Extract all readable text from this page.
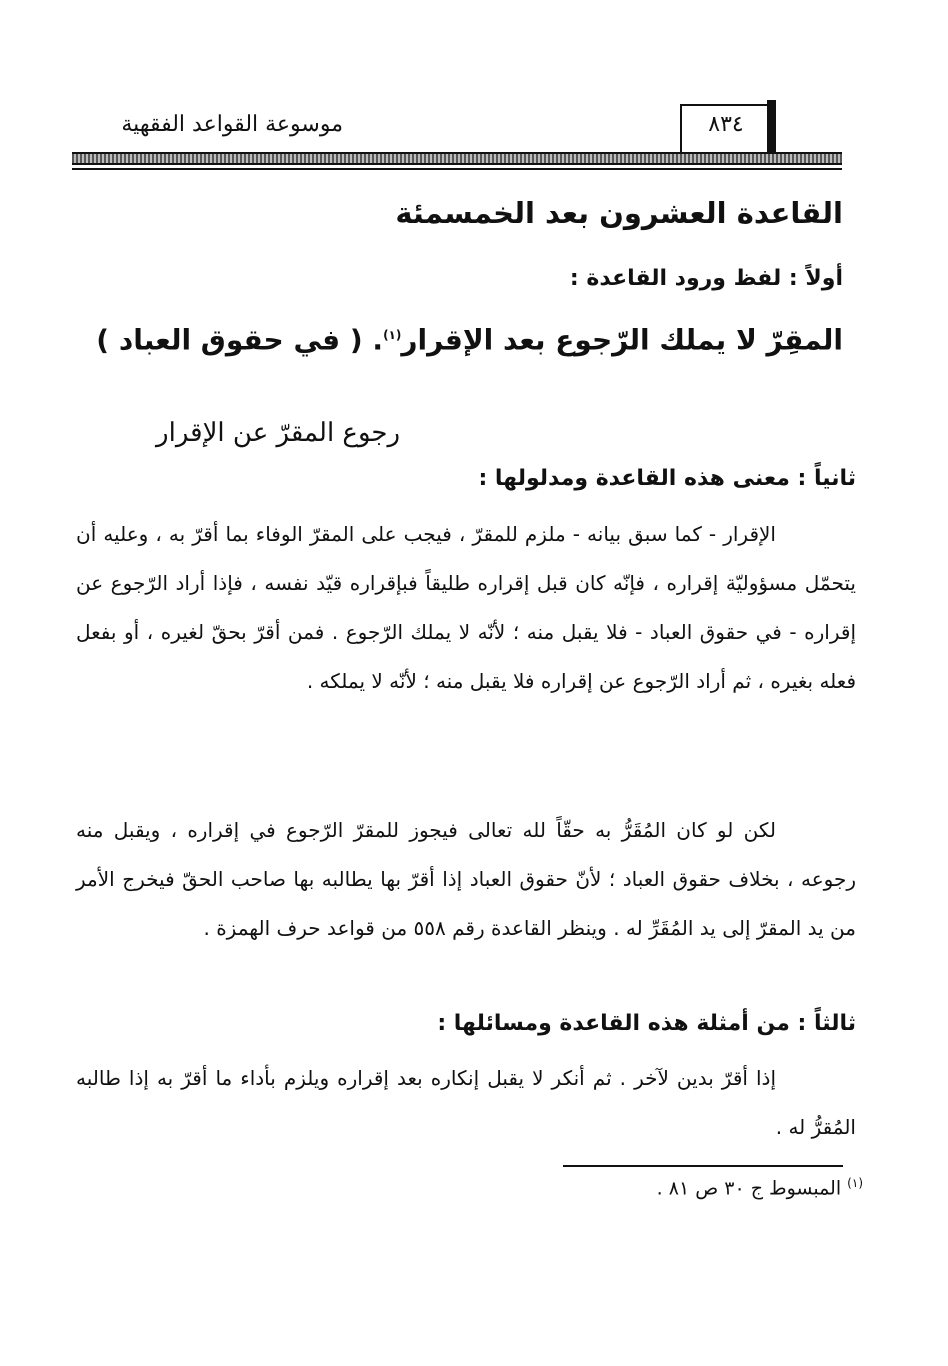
موسوعة القواعد الفقهية	٨٣٤
القاعدة العشرون بعد الخمسمئة
أولاً : لفظ ورود القاعدة :
المقِرّ لا يملك الرّجوع بعد الإقرار$^{(١)}$. ( في حقوق العباد )
رجوع المقرّ عن الإقرار
ثانياً : معنى هذه القاعدة ومدلولها :
الإقرار - كما سبق بيانه - ملزم للمقرّ ، فيجب على المقرّ الوفاء بما أقرّ به ، وعليه أن يتحمّل مسؤوليّة إقراره ، فإنّه كان قبل إقراره طليقاً فبإقراره قيّد نفسه ، فإذا أراد الرّجوع عن إقراره - في حقوق العباد - فلا يقبل منه ؛ لأنّه لا يملك الرّجوع . فمن أقرّ بحقّ لغيره ، أو بفعل فعله بغيره ، ثم أراد الرّجوع عن إقراره فلا يقبل منه ؛ لأنّه لا يملكه .
لكن لو كان المُقَرُّ به حقّاً لله تعالى فيجوز للمقرّ الرّجوع في إقراره ، ويقبل منه رجوعه ، بخلاف حقوق العباد ؛ لأنّ حقوق العباد إذا أقرّ بها يطالبه بها صاحب الحقّ فيخرج الأمر من يد المقرّ إلى يد المُقَرِّ له . وينظر القاعدة رقم ٥٥٨ من قواعد حرف الهمزة .
ثالثاً : من أمثلة هذه القاعدة ومسائلها :
إذا أقرّ بدين لآخر . ثم أنكر لا يقبل إنكاره بعد إقراره ويلزم بأداء ما أقرّ به إذا طالبه المُقرُّ له .
$^{(١)}$ المبسوط ج ٣٠ ص ٨١ .
